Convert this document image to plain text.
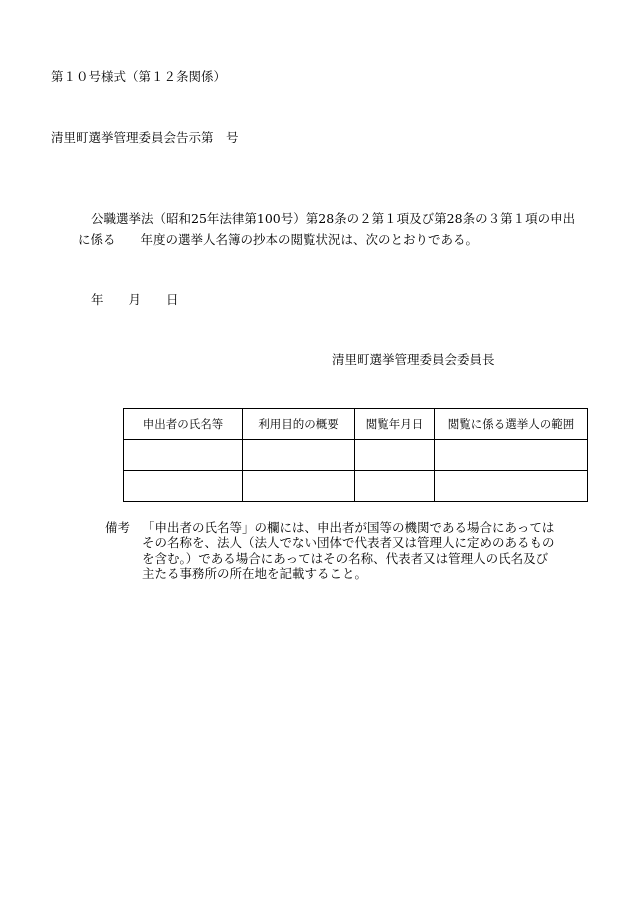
第１０号様式（第１２条関係）
清里町選挙管理委員会告示第　号
公職選挙法（昭和25年法律第100号）第28条の２第１項及び第28条の３第１項の申出
に係る　　年度の選挙人名簿の抄本の閲覧状況は、次のとおりである。
年　　月　　日
清里町選挙管理委員会委員長
申出者の氏名等	利用目的の概要	閲覧年月日	閲覧に係る選挙人の範囲

備考 「申出者の氏名等」の欄には、申出者が国等の機関である場合にあっては
その名称を、法人（法人でない団体で代表者又は管理人に定めのあるもの
を含む。）である場合にあってはその名称、代表者又は管理人の氏名及び
主たる事務所の所在地を記載すること。
